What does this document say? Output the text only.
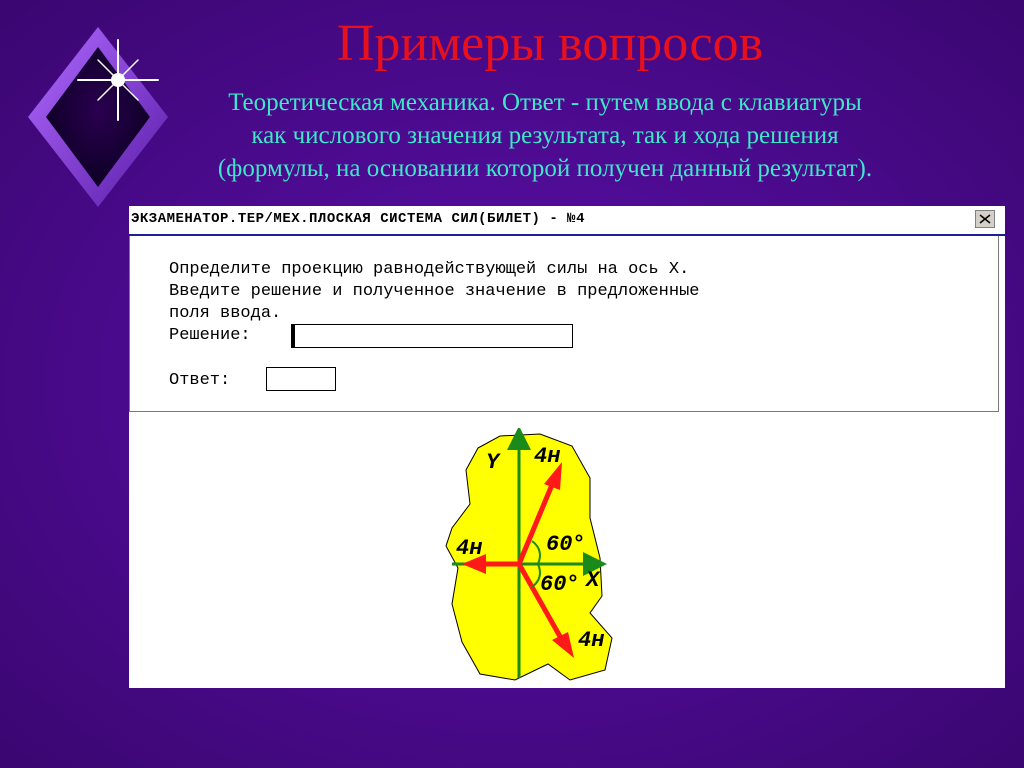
Примеры вопросов
Теоретическая механика. Ответ - путем ввода с клавиатуры
как числового значения результата, так и хода решения
(формулы, на основании которой получен данный результат).
ЭКЗАМЕНАТОР.ТЕР/МЕХ.ПЛОСКАЯ СИСТЕМА СИЛ(БИЛЕТ) - №4
Определите проекцию равнодействующей силы на ось X.
Введите решение и полученное значение в предложенные
поля ввода.
Решение:
Ответ:
Y
X
4н
4н
4н
60°
60°
